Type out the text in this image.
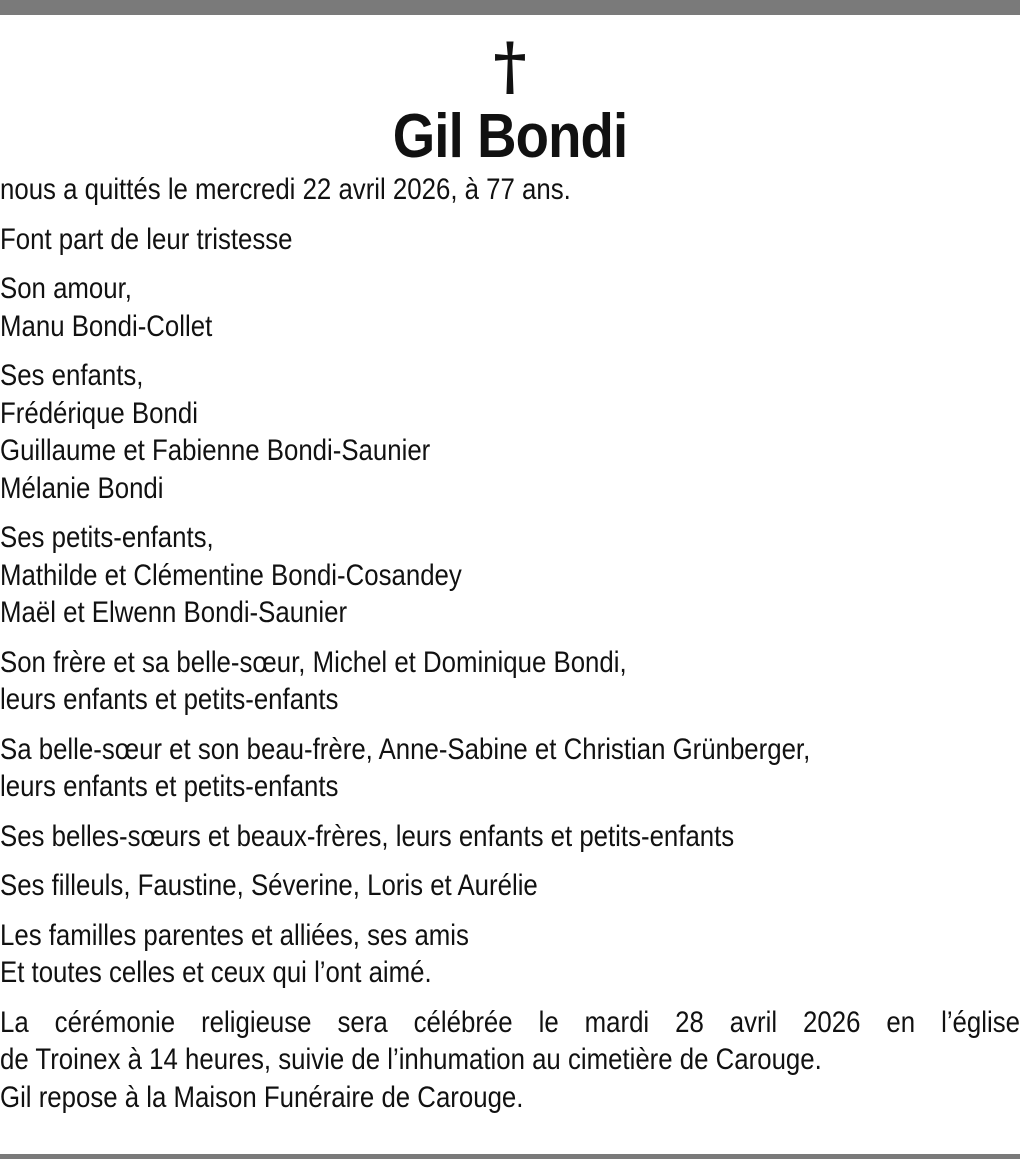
†
Gil Bondi

nous a quittés le mercredi 22 avril 2026, à 77 ans.

Font part de leur tristesse

Son amour,
Manu Bondi-Collet

Ses enfants,
Frédérique Bondi
Guillaume et Fabienne Bondi-Saunier
Mélanie Bondi

Ses petits-enfants,
Mathilde et Clémentine Bondi-Cosandey
Maël et Elwenn Bondi-Saunier

Son frère et sa belle-sœur, Michel et Dominique Bondi,
leurs enfants et petits-enfants

Sa belle-sœur et son beau-frère, Anne-Sabine et Christian Grünberger,
leurs enfants et petits-enfants

Ses belles-sœurs et beaux-frères, leurs enfants et petits-enfants

Ses filleuls, Faustine, Séverine, Loris et Aurélie

Les familles parentes et alliées, ses amis
Et toutes celles et ceux qui l’ont aimé.

La cérémonie religieuse sera célébrée le mardi 28 avril 2026 en l’église
de Troinex à 14 heures, suivie de l’inhumation au cimetière de Carouge.
Gil repose à la Maison Funéraire de Carouge.
